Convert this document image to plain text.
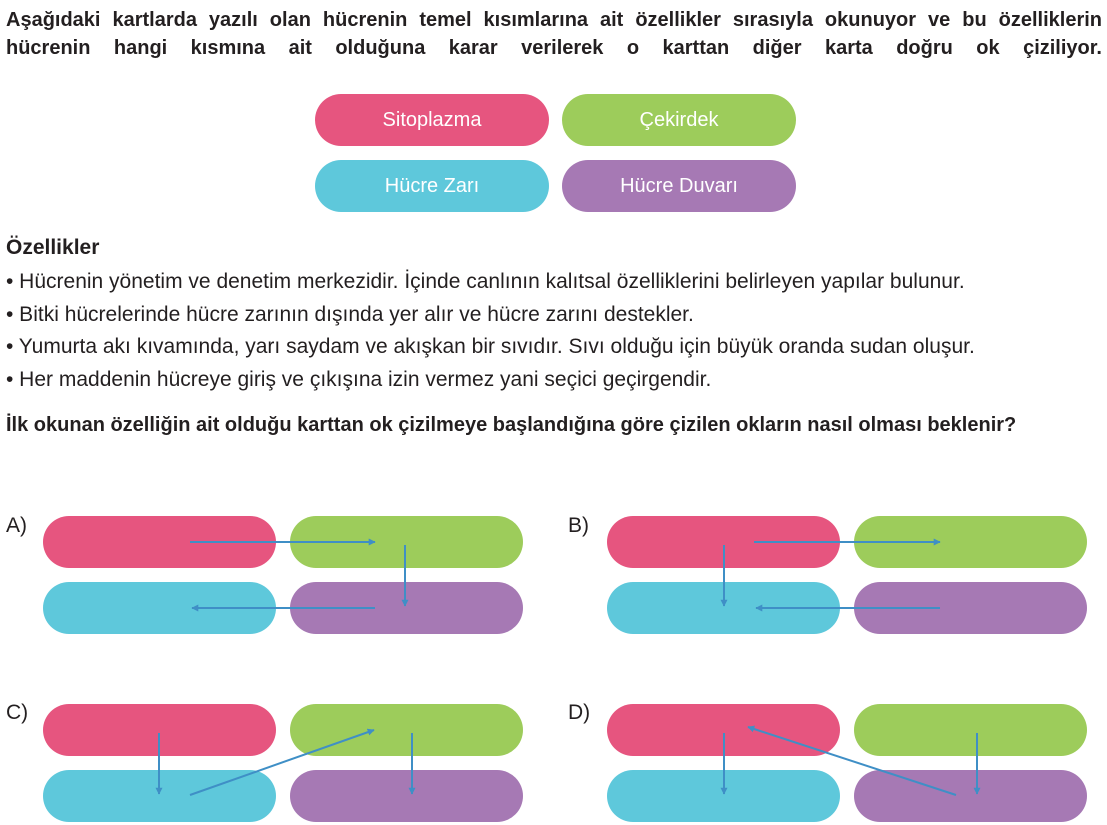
Aşağıdaki kartlarda yazılı olan hücrenin temel kısımlarına ait özellikler sırasıyla okunuyor ve bu özelliklerin hücrenin hangi kısmına ait olduğuna karar verilerek o karttan diğer karta doğru ok çiziliyor.

Sitoplazma	Çekirdek
Hücre Zarı	Hücre Duvarı

Özellikler

• Hücrenin yönetim ve denetim merkezidir. İçinde canlının kalıtsal özelliklerini belirleyen yapılar bulunur.
• Bitki hücrelerinde hücre zarının dışında yer alır ve hücre zarını destekler.
• Yumurta akı kıvamında, yarı saydam ve akışkan bir sıvıdır. Sıvı olduğu için büyük oranda sudan oluşur.
• Her maddenin hücreye giriş ve çıkışına izin vermez yani seçici geçirgendir.

İlk okunan özelliğin ait olduğu karttan ok çizilmeye başlandığına göre çizilen okların nasıl olması beklenir?

A)	B)
C)	D)
